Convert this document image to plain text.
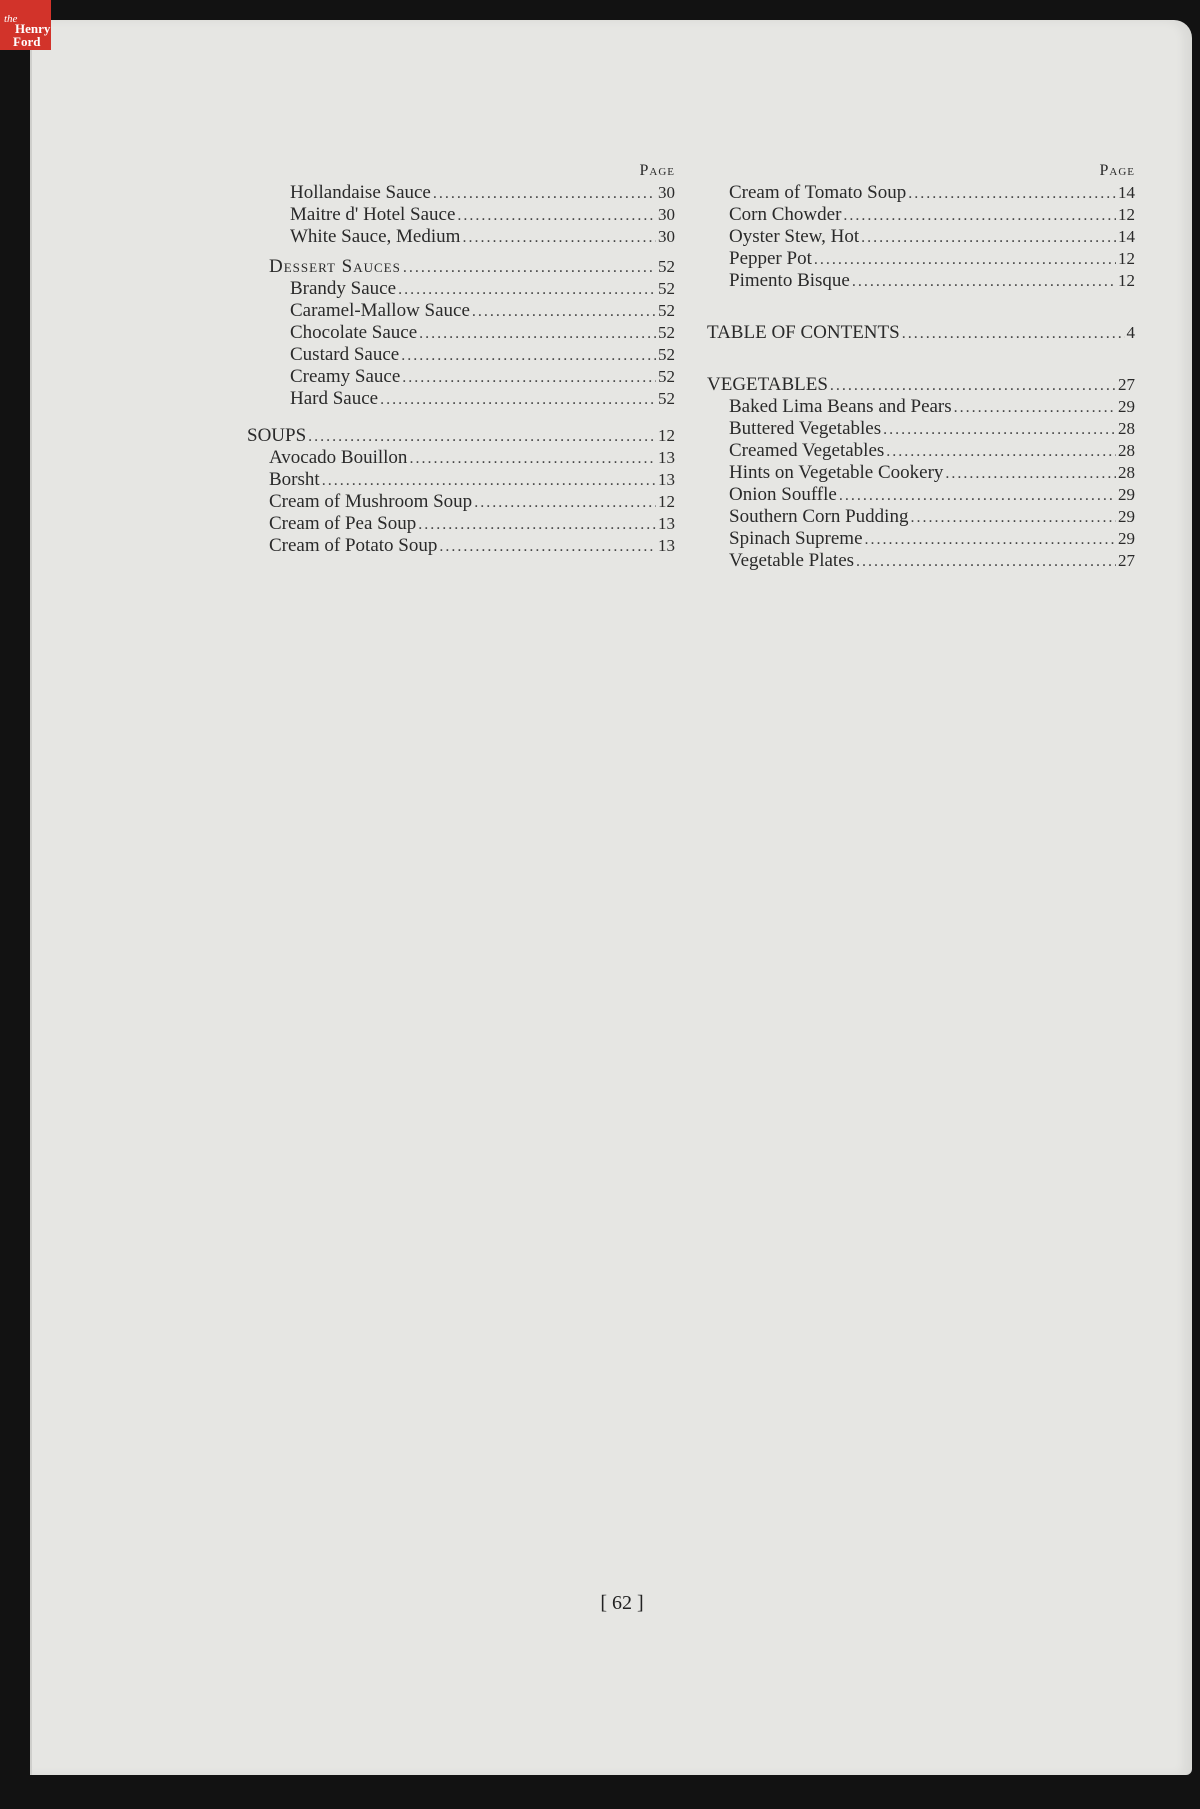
the
Henry
Ford
Page
Hollandaise Sauce .....	30
Maitre d' Hotel Sauce .....	30
White Sauce, Medium .....	30
Dessert Sauces .....	52
Brandy Sauce .....	52
Caramel-Mallow Sauce .....	52
Chocolate Sauce .....	52
Custard Sauce .....	52
Creamy Sauce .....	52
Hard Sauce .....	52
SOUPS .....	12
Avocado Bouillon .....	13
Borsht .....	13
Cream of Mushroom Soup .....	12
Cream of Pea Soup .....	13
Cream of Potato Soup .....	13
Page
Cream of Tomato Soup .....	14
Corn Chowder .....	12
Oyster Stew, Hot .....	14
Pepper Pot .....	12
Pimento Bisque .....	12
TABLE OF CONTENTS .....	4
VEGETABLES .....	27
Baked Lima Beans and Pears .....	29
Buttered Vegetables .....	28
Creamed Vegetables .....	28
Hints on Vegetable Cookery .....	28
Onion Souffle .....	29
Southern Corn Pudding .....	29
Spinach Supreme .....	29
Vegetable Plates .....	27
[ 62 ]
